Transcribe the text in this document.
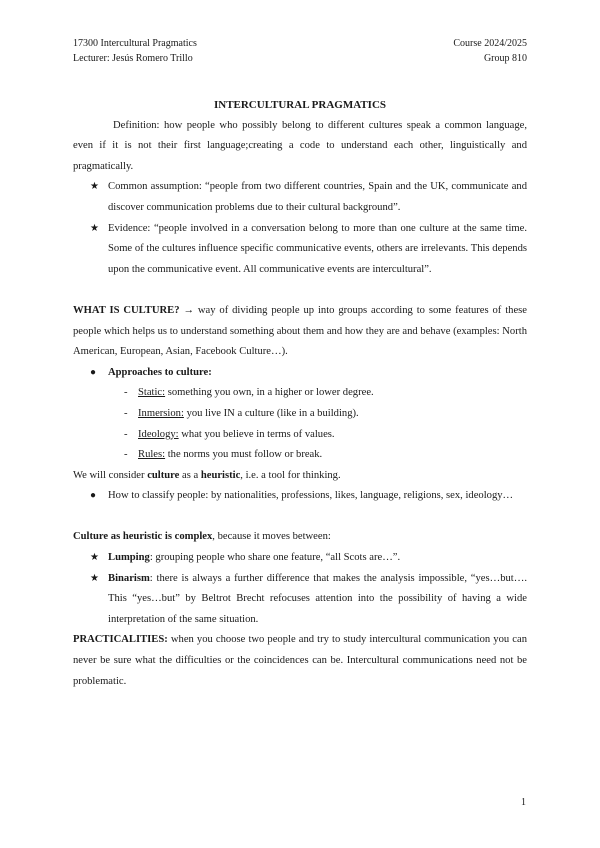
17300 Intercultural Pragmatics
Lecturer: Jesús Romero Trillo
Course 2024/2025
Group 810

INTERCULTURAL PRAGMATICS

Definition: how people who possibly belong to different cultures speak a common language, even if it is not their first language;creating a code to understand each other, linguistically and pragmatically.

★ Common assumption: “people from two different countries, Spain and the UK, communicate and discover communication problems due to their cultural background”.
★ Evidence: “people involved in a conversation belong to more than one culture at the same time. Some of the cultures influence specific communicative events, others are irrelevants. This depends upon the communicative event. All communicative events are intercultural”.

WHAT IS CULTURE? → way of dividing people up into groups according to some features of these people which helps us to understand something about them and how they are and behave (examples: North American, European, Asian, Facebook Culture…).

● Approaches to culture:
- Static: something you own, in a higher or lower degree.
- Inmersion: you live IN a culture (like in a building).
- Ideology: what you believe in terms of values.
- Rules: the norms you must follow or break.

We will consider culture as a heuristic, i.e. a tool for thinking.

● How to classify people: by nationalities, professions, likes, language, religions, sex, ideology…

Culture as heuristic is complex, because it moves between:

★ Lumping: grouping people who share one feature, “all Scots are…”.
★ Binarism: there is always a further difference that makes the analysis impossible, “yes…but…. This “yes…but” by Beltrot Brecht refocuses attention into the possibility of having a wide interpretation of the same situation.

PRACTICALITIES: when you choose two people and try to study intercultural communication you can never be sure what the difficulties or the coincidences can be. Intercultural communications need not be problematic.

1
